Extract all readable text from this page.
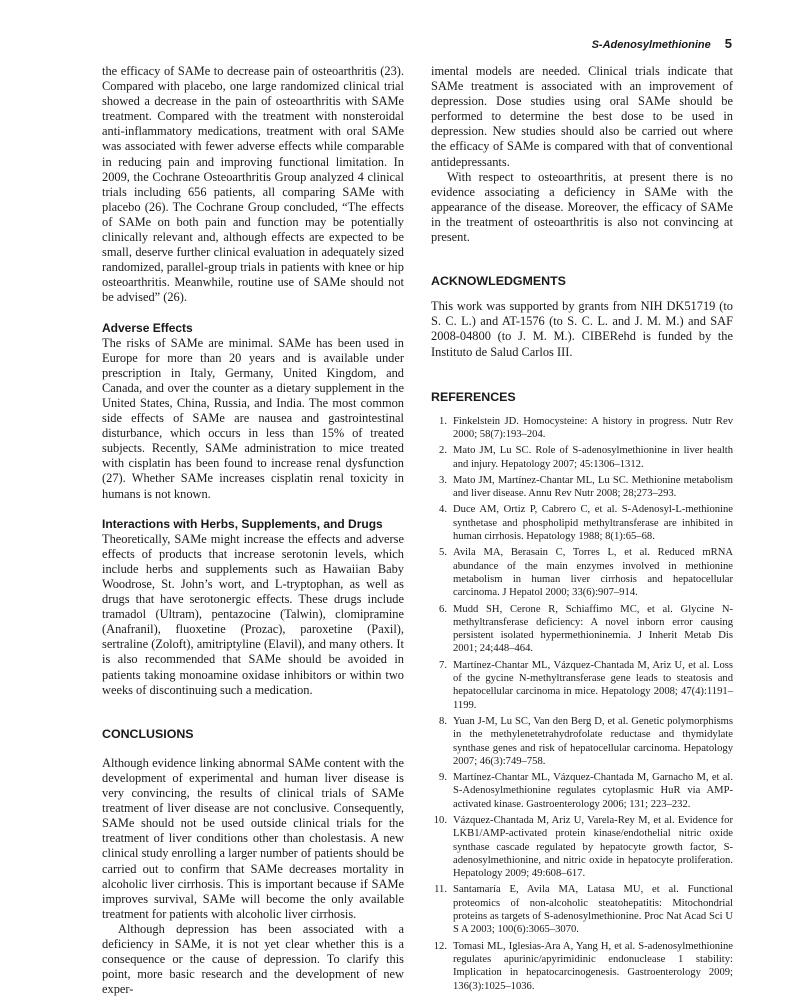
S-Adenosylmethionine 5

the efficacy of SAMe to decrease pain of osteoarthritis (23). Compared with placebo, one large randomized clinical trial showed a decrease in the pain of osteoarthritis with SAMe treatment. Compared with the treatment with nonsteroidal anti-inflammatory medications, treatment with oral SAMe was associated with fewer adverse effects while comparable in reducing pain and improving functional limitation. In 2009, the Cochrane Osteoarthritis Group analyzed 4 clinical trials including 656 patients, all comparing SAMe with placebo (26). The Cochrane Group concluded, “The effects of SAMe on both pain and function may be potentially clinically relevant and, although effects are expected to be small, deserve further clinical evaluation in adequately sized randomized, parallel-group trials in patients with knee or hip osteoarthritis. Meanwhile, routine use of SAMe should not be advised” (26).

Adverse Effects

The risks of SAMe are minimal. SAMe has been used in Europe for more than 20 years and is available under prescription in Italy, Germany, United Kingdom, and Canada, and over the counter as a dietary supplement in the United States, China, Russia, and India. The most common side effects of SAMe are nausea and gastrointestinal disturbance, which occurs in less than 15% of treated subjects. Recently, SAMe administration to mice treated with cisplatin has been found to increase renal dysfunction (27). Whether SAMe increases cisplatin renal toxicity in humans is not known.

Interactions with Herbs, Supplements, and Drugs

Theoretically, SAMe might increase the effects and adverse effects of products that increase serotonin levels, which include herbs and supplements such as Hawaiian Baby Woodrose, St. John’s wort, and L-tryptophan, as well as drugs that have serotonergic effects. These drugs include tramadol (Ultram), pentazocine (Talwin), clomipramine (Anafranil), fluoxetine (Prozac), paroxetine (Paxil), sertraline (Zoloft), amitriptyline (Elavil), and many others. It is also recommended that SAMe should be avoided in patients taking monoamine oxidase inhibitors or within two weeks of discontinuing such a medication.

CONCLUSIONS

Although evidence linking abnormal SAMe content with the development of experimental and human liver disease is very convincing, the results of clinical trials of SAMe treatment of liver disease are not conclusive. Consequently, SAMe should not be used outside clinical trials for the treatment of liver conditions other than cholestasis. A new clinical study enrolling a larger number of patients should be carried out to confirm that SAMe decreases mortality in alcoholic liver cirrhosis. This is important because if SAMe improves survival, SAMe will become the only available treatment for patients with alcoholic liver cirrhosis.

Although depression has been associated with a deficiency in SAMe, it is not yet clear whether this is a consequence or the cause of depression. To clarify this point, more basic research and the development of new exper-

imental models are needed. Clinical trials indicate that SAMe treatment is associated with an improvement of depression. Dose studies using oral SAMe should be performed to determine the best dose to be used in depression. New studies should also be carried out where the efficacy of SAMe is compared with that of conventional antidepressants.

With respect to osteoarthritis, at present there is no evidence associating a deficiency in SAMe with the appearance of the disease. Moreover, the efficacy of SAMe in the treatment of osteoarthritis is also not convincing at present.

ACKNOWLEDGMENTS

This work was supported by grants from NIH DK51719 (to S. C. L.) and AT-1576 (to S. C. L. and J. M. M.) and SAF 2008-04800 (to J. M. M.). CIBERehd is funded by the Instituto de Salud Carlos III.

REFERENCES
1. Finkelstein JD. Homocysteine: A history in progress. Nutr Rev 2000; 58(7):193–204.
2. Mato JM, Lu SC. Role of S-adenosylmethionine in liver health and injury. Hepatology 2007; 45:1306–1312.
3. Mato JM, Martínez-Chantar ML, Lu SC. Methionine metabolism and liver disease. Annu Rev Nutr 2008; 28;273–293.
4. Duce AM, Ortiz P, Cabrero C, et al. S-Adenosyl-L-methionine synthetase and phospholipid methyltransferase are inhibited in human cirrhosis. Hepatology 1988; 8(1):65–68.
5. Avila MA, Berasain C, Torres L, et al. Reduced mRNA abundance of the main enzymes involved in methionine metabolism in human liver cirrhosis and hepatocellular carcinoma. J Hepatol 2000; 33(6):907–914.
6. Mudd SH, Cerone R, Schiaffimo MC, et al. Glycine N-methyltransferase deficiency: A novel inborn error causing persistent isolated hypermethioninemia. J Inherit Metab Dis 2001; 24;448–464.
7. Martínez-Chantar ML, Vázquez-Chantada M, Ariz U, et al. Loss of the gycine N-methyltransferase gene leads to steatosis and hepatocellular carcinoma in mice. Hepatology 2008; 47(4):1191–1199.
8. Yuan J-M, Lu SC, Van den Berg D, et al. Genetic polymorphisms in the methylenetetrahydrofolate reductase and thymidylate synthase genes and risk of hepatocellular carcinoma. Hepatology 2007; 46(3):749–758.
9. Martínez-Chantar ML, Vázquez-Chantada M, Garnacho M, et al. S-Adenosylmethionine regulates cytoplasmic HuR via AMP-activated kinase. Gastroenterology 2006; 131; 223–232.
10. Vázquez-Chantada M, Ariz U, Varela-Rey M, et al. Evidence for LKB1/AMP-activated protein kinase/endothelial nitric oxide synthase cascade regulated by hepatocyte growth factor, S-adenosylmethionine, and nitric oxide in hepatocyte proliferation. Hepatology 2009; 49:608–617.
11. Santamaría E, Avila MA, Latasa MU, et al. Functional proteomics of non-alcoholic steatohepatitis: Mitochondrial proteins as targets of S-adenosylmethionine. Proc Nat Acad Sci U S A 2003; 100(6):3065–3070.
12. Tomasi ML, Iglesias-Ara A, Yang H, et al. S-adenosylmethionine regulates apurinic/apyrimidinic endonuclease 1 stability: Implication in hepatocarcinogenesis. Gastroenterology 2009; 136(3):1025–1036.
